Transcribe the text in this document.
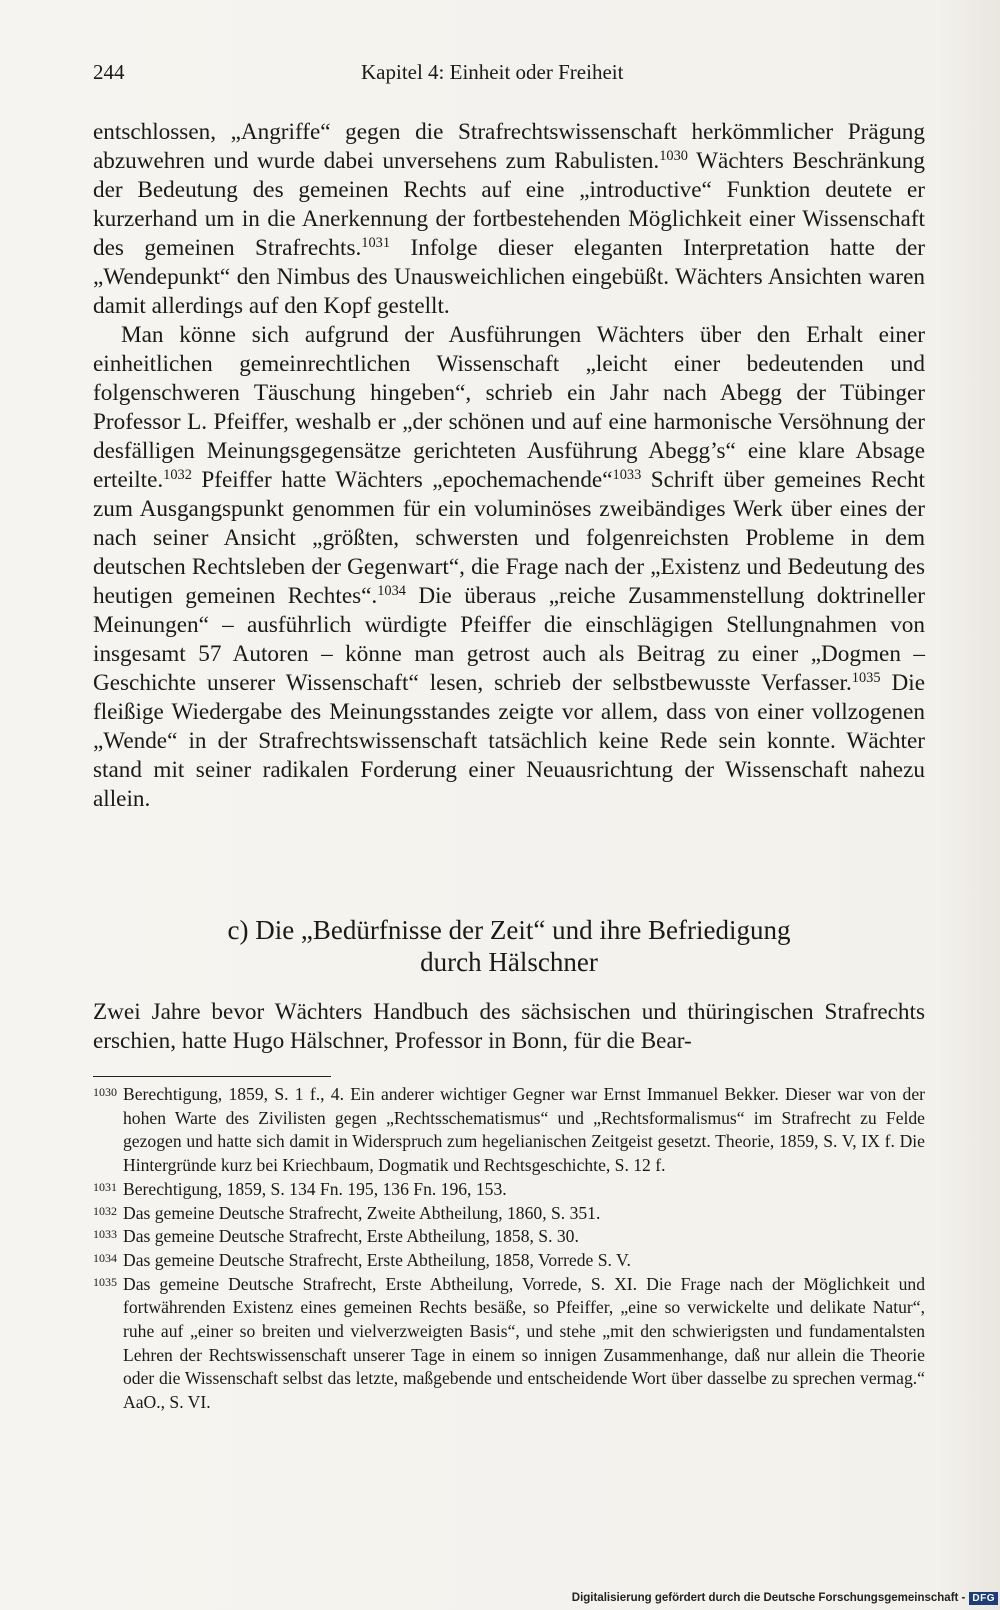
244	Kapitel 4: Einheit oder Freiheit

entschlossen, „Angriffe“ gegen die Strafrechtswissenschaft herkömmlicher Prägung abzuwehren und wurde dabei unversehens zum Rabulisten.$^{1030}$ Wächters Beschränkung der Bedeutung des gemeinen Rechts auf eine „introductive“ Funktion deutete er kurzerhand um in die Anerkennung der fortbestehenden Möglichkeit einer Wissenschaft des gemeinen Strafrechts.$^{1031}$ Infolge dieser eleganten Interpretation hatte der „Wendepunkt“ den Nimbus des Unausweichlichen eingebüßt. Wächters Ansichten waren damit allerdings auf den Kopf gestellt.

Man könne sich aufgrund der Ausführungen Wächters über den Erhalt einer einheitlichen gemeinrechtlichen Wissenschaft „leicht einer bedeutenden und folgenschweren Täuschung hingeben“, schrieb ein Jahr nach Abegg der Tübinger Professor L. Pfeiffer, weshalb er „der schönen und auf eine harmonische Versöhnung der desfälligen Meinungsgegensätze gerichteten Ausführung Abegg’s“ eine klare Absage erteilte.$^{1032}$ Pfeiffer hatte Wächters „epochemachende“$^{1033}$ Schrift über gemeines Recht zum Ausgangspunkt genommen für ein voluminöses zweibändiges Werk über eines der nach seiner Ansicht „größten, schwersten und folgenreichsten Probleme in dem deutschen Rechtsleben der Gegenwart“, die Frage nach der „Existenz und Bedeutung des heutigen gemeinen Rechtes“.$^{1034}$ Die überaus „reiche Zusammenstellung doktrineller Meinungen“ – ausführlich würdigte Pfeiffer die einschlägigen Stellungnahmen von insgesamt 57 Autoren – könne man getrost auch als Beitrag zu einer „Dogmen – Geschichte unserer Wissenschaft“ lesen, schrieb der selbstbewusste Verfasser.$^{1035}$ Die fleißige Wiedergabe des Meinungsstandes zeigte vor allem, dass von einer vollzogenen „Wende“ in der Strafrechtswissenschaft tatsächlich keine Rede sein konnte. Wächter stand mit seiner radikalen Forderung einer Neuausrichtung der Wissenschaft nahezu allein.

c) Die „Bedürfnisse der Zeit“ und ihre Befriedigung
durch Hälschner
Zwei Jahre bevor Wächters Handbuch des sächsischen und thüringischen Strafrechts erschien, hatte Hugo Hälschner, Professor in Bonn, für die Bear-

1030 Berechtigung, 1859, S. 1 f., 4. Ein anderer wichtiger Gegner war Ernst Immanuel Bekker. Dieser war von der hohen Warte des Zivilisten gegen „Rechtsschematismus“ und „Rechtsformalismus“ im Strafrecht zu Felde gezogen und hatte sich damit in Widerspruch zum hegelianischen Zeitgeist gesetzt. Theorie, 1859, S. V, IX f. Die Hintergründe kurz bei Kriechbaum, Dogmatik und Rechtsgeschichte, S. 12 f.

1031 Berechtigung, 1859, S. 134 Fn. 195, 136 Fn. 196, 153.

1032 Das gemeine Deutsche Strafrecht, Zweite Abtheilung, 1860, S. 351.

1033 Das gemeine Deutsche Strafrecht, Erste Abtheilung, 1858, S. 30.

1034 Das gemeine Deutsche Strafrecht, Erste Abtheilung, 1858, Vorrede S. V.

1035 Das gemeine Deutsche Strafrecht, Erste Abtheilung, Vorrede, S. XI. Die Frage nach der Möglichkeit und fortwährenden Existenz eines gemeinen Rechts besäße, so Pfeiffer, „eine so verwickelte und delikate Natur“, ruhe auf „einer so breiten und vielverzweigten Basis“, und stehe „mit den schwierigsten und fundamentalsten Lehren der Rechtswissenschaft unserer Tage in einem so innigen Zusammenhange, daß nur allein die Theorie oder die Wissenschaft selbst das letzte, maßgebende und entscheidende Wort über dasselbe zu sprechen vermag.“ AaO., S. VI.

Digitalisierung gefördert durch die Deutsche Forschungsgemeinschaft - DFG
